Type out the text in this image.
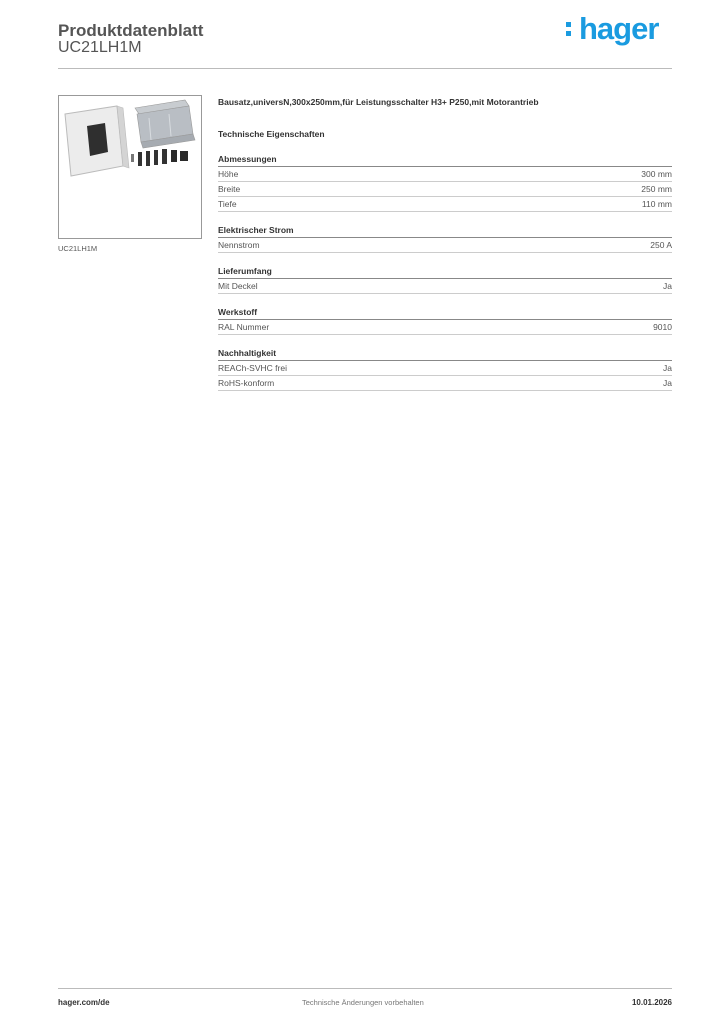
Produktdatenblatt
UC21LH1M
hager
UC21LH1M
Bausatz,universN,300x250mm,für Leistungsschalter H3+ P250,mit Motorantrieb
Technische Eigenschaften
Abmessungen
Höhe	300 mm
Breite	250 mm
Tiefe	110 mm
Elektrischer Strom
Nennstrom	250 A
Lieferumfang
Mit Deckel	Ja
Werkstoff
RAL Nummer	9010
Nachhaltigkeit
REACh-SVHC frei	Ja
RoHS-konform	Ja
hager.com/de	Technische Änderungen vorbehalten	10.01.2026
